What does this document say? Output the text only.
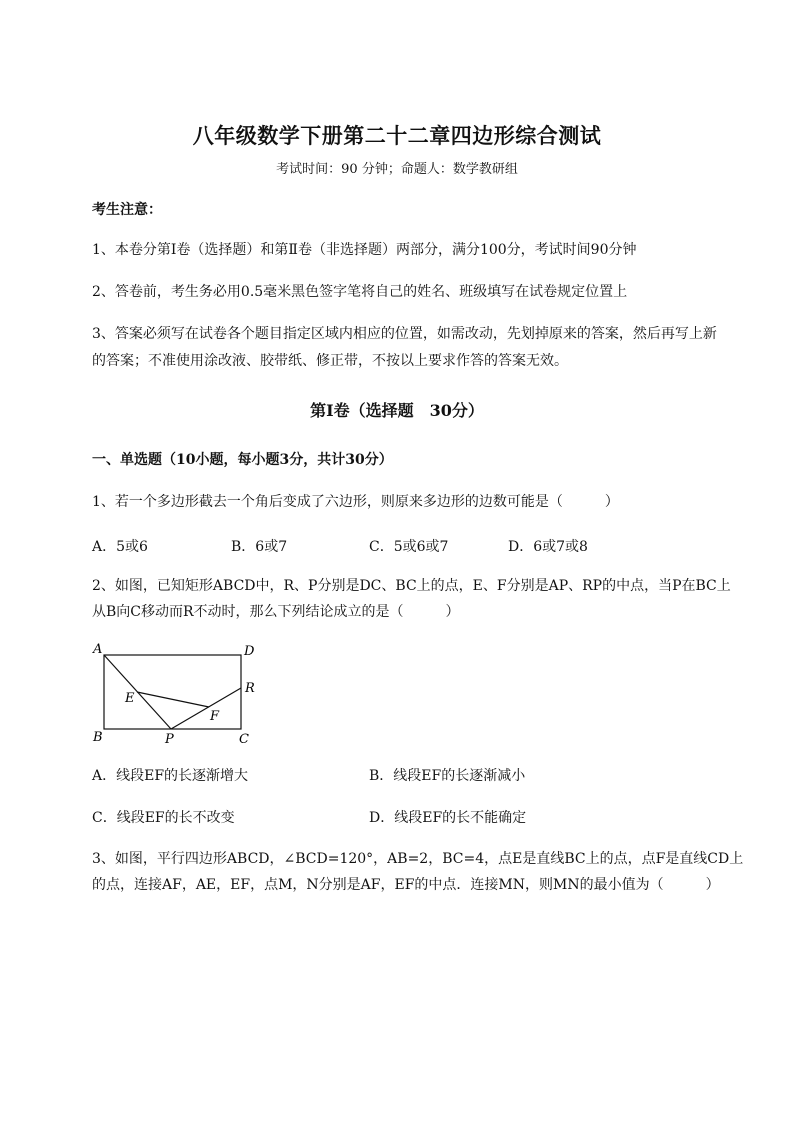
八年级数学下册第二十二章四边形综合测试
考试时间：90 分钟；命题人：数学教研组
考生注意：
1、本卷分第Ⅰ卷（选择题）和第Ⅱ卷（非选择题）两部分，满分100分，考试时间90分钟
2、答卷前，考生务必用0.5毫米黑色签字笔将自己的姓名、班级填写在试卷规定位置上
3、答案必须写在试卷各个题目指定区域内相应的位置，如需改动，先划掉原来的答案，然后再写上新
的答案；不准使用涂改液、胶带纸、修正带，不按以上要求作答的答案无效。
第Ⅰ卷（选择题　30分）
一、单选题（10小题，每小题3分，共计30分）
1、若一个多边形截去一个角后变成了六边形，则原来多边形的边数可能是（　　　）
A．5或6	B．6或7	C．5或6或7	D．6或7或8
2、如图，已知矩形ABCD中，R、P分别是DC、BC上的点，E、F分别是AP、RP的中点，当P在BC上
从B向C移动而R不动时，那么下列结论成立的是（　　　）
A	D
R
E
F
B	P	C
A．线段EF的长逐渐增大	B．线段EF的长逐渐减小
C．线段EF的长不改变	D．线段EF的长不能确定
3、如图，平行四边形ABCD，∠BCD=120°，AB=2，BC=4，点E是直线BC上的点，点F是直线CD上
的点，连接AF，AE，EF，点M，N分别是AF，EF的中点．连接MN，则MN的最小值为（　　　）
